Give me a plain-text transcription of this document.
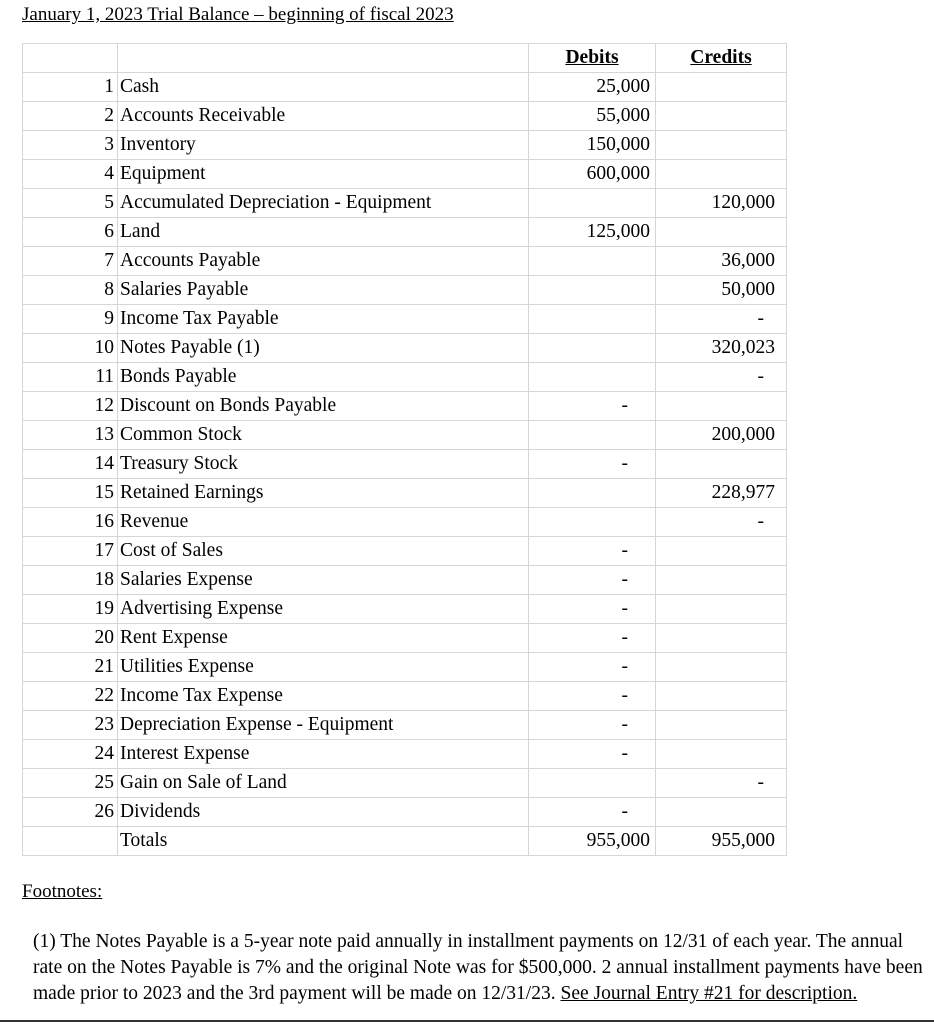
January 1, 2023 Trial Balance – beginning of fiscal 2023
		Debits	Credits
1	Cash	25,000	
2	Accounts Receivable	55,000	
3	Inventory	150,000	
4	Equipment	600,000	
5	Accumulated Depreciation - Equipment		120,000
6	Land	125,000	
7	Accounts Payable		36,000
8	Salaries Payable		50,000
9	Income Tax Payable		-
10	Notes Payable (1)		320,023
11	Bonds Payable		-
12	Discount on Bonds Payable	-	
13	Common Stock		200,000
14	Treasury Stock	-	
15	Retained Earnings		228,977
16	Revenue		-
17	Cost of Sales	-	
18	Salaries Expense	-	
19	Advertising Expense	-	
20	Rent Expense	-	
21	Utilities Expense	-	
22	Income Tax Expense	-	
23	Depreciation Expense - Equipment	-	
24	Interest Expense	-	
25	Gain on Sale of Land		-
26	Dividends	-	
	Totals	955,000	955,000
Footnotes:
(1) The Notes Payable is a 5-year note paid annually in installment payments on 12/31 of each year. The annual rate on the Notes Payable is 7% and the original Note was for $500,000. 2 annual installment payments have been made prior to 2023 and the 3rd payment will be made on 12/31/23. See Journal Entry #21 for description.
